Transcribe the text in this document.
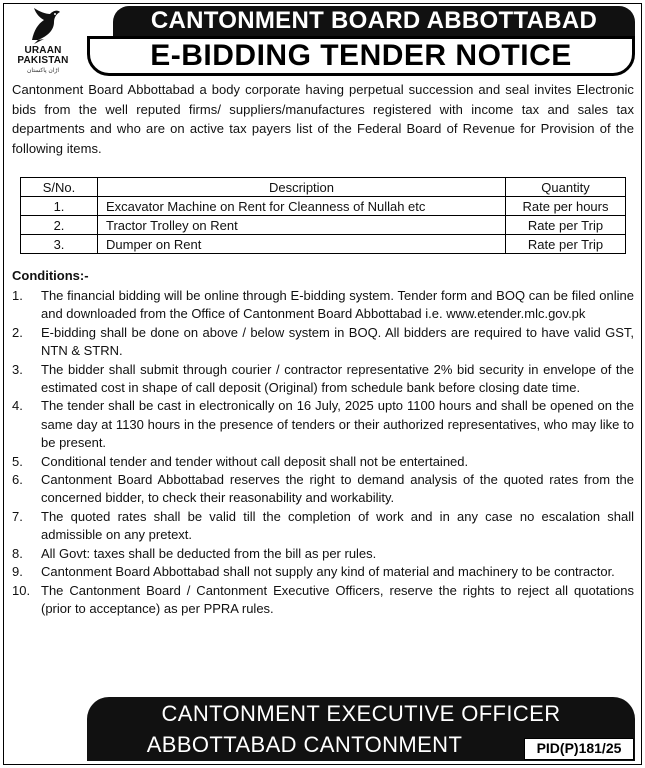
URAAN
PAKISTAN
اڑان پاکستان
CANTONMENT BOARD ABBOTTABAD
E-BIDDING TENDER NOTICE

Cantonment Board Abbottabad a body corporate having perpetual succession and seal invites Electronic bids from the well reputed firms/ suppliers/manufactures registered with income tax and sales tax departments and who are on active tax payers list of the Federal Board of Revenue for Provision of the following items.

S/No.	Description	Quantity
1.	Excavator Machine on Rent for Cleanness of Nullah etc	Rate per hours
2.	Tractor Trolley on Rent	Rate per Trip
3.	Dumper on Rent	Rate per Trip
Conditions:-
1.	The financial bidding will be online through E-bidding system. Tender form and BOQ can be filed online and downloaded from the Office of Cantonment Board Abbottabad i.e. www.etender.mlc.gov.pk
2.	E-bidding shall be done on above / below system in BOQ. All bidders are required to have valid GST, NTN & STRN.
3.	The bidder shall submit through courier / contractor representative 2% bid security in envelope of the estimated cost in shape of call deposit (Original) from schedule bank before closing date time.
4.	The tender shall be cast in electronically on 16 July, 2025 upto 1100 hours and shall be opened on the same day at 1130 hours in the presence of tenders or their authorized representatives, who may like to be present.
5.	Conditional tender and tender without call deposit shall not be entertained.
6.	Cantonment Board Abbottabad reserves the right to demand analysis of the quoted rates from the concerned bidder, to check their reasonability and workability.
7.	The quoted rates shall be valid till the completion of work and in any case no escalation shall admissible on any pretext.
8.	All Govt: taxes shall be deducted from the bill as per rules.
9.	Cantonment Board Abbottabad shall not supply any kind of material and machinery to be contractor.
10. The Cantonment Board / Cantonment Executive Officers, reserve the rights to reject all quotations (prior to acceptance) as per PPRA rules.
CANTONMENT EXECUTIVE OFFICER
ABBOTTABAD CANTONMENT	PID(P)181/25
